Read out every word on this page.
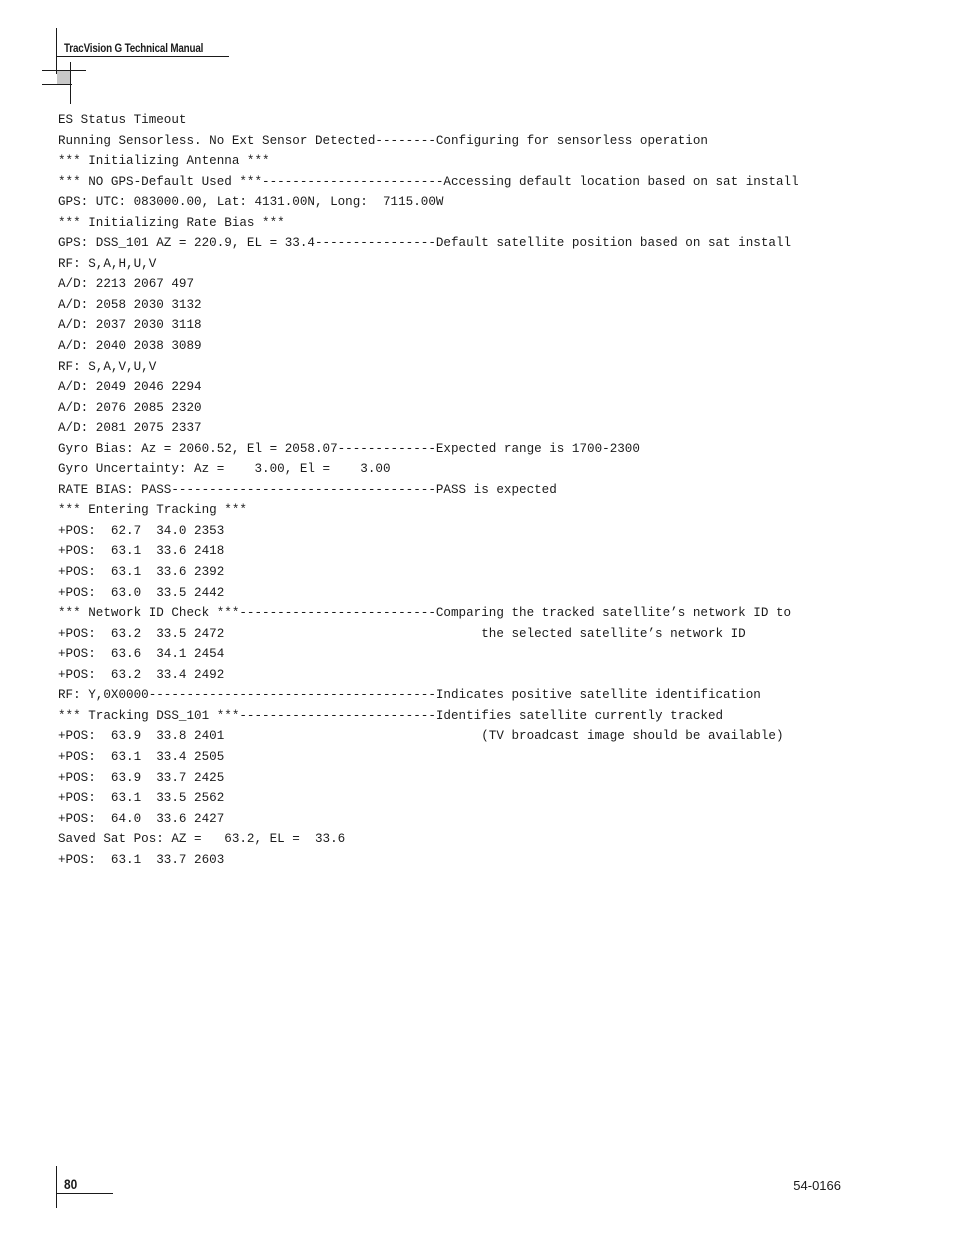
TracVision G Technical Manual
ES Status Timeout
Running Sensorless. No Ext Sensor Detected--------Configuring for sensorless operation
*** Initializing Antenna ***
*** NO GPS-Default Used ***------------------------Accessing default location based on sat install
GPS: UTC: 083000.00, Lat: 4131.00N, Long:  7115.00W
*** Initializing Rate Bias ***
GPS: DSS_101 AZ = 220.9, EL = 33.4----------------Default satellite position based on sat install
RF: S,A,H,U,V
A/D: 2213 2067 497
A/D: 2058 2030 3132
A/D: 2037 2030 3118
A/D: 2040 2038 3089
RF: S,A,V,U,V
A/D: 2049 2046 2294
A/D: 2076 2085 2320
A/D: 2081 2075 2337
Gyro Bias: Az = 2060.52, El = 2058.07-------------Expected range is 1700-2300
Gyro Uncertainty: Az =    3.00, El =    3.00
RATE BIAS: PASS-----------------------------------PASS is expected
*** Entering Tracking ***
+POS:  62.7  34.0 2353
+POS:  63.1  33.6 2418
+POS:  63.1  33.6 2392
+POS:  63.0  33.5 2442
*** Network ID Check ***--------------------------Comparing the tracked satellite’s network ID to
+POS:  63.2  33.5 2472                                  the selected satellite’s network ID
+POS:  63.6  34.1 2454
+POS:  63.2  33.4 2492
RF: Y,0X0000--------------------------------------Indicates positive satellite identification
*** Tracking DSS_101 ***--------------------------Identifies satellite currently tracked
+POS:  63.9  33.8 2401                                  (TV broadcast image should be available)
+POS:  63.1  33.4 2505
+POS:  63.9  33.7 2425
+POS:  63.1  33.5 2562
+POS:  64.0  33.6 2427
Saved Sat Pos: AZ =   63.2, EL =  33.6
+POS:  63.1  33.7 2603
80	54-0166
